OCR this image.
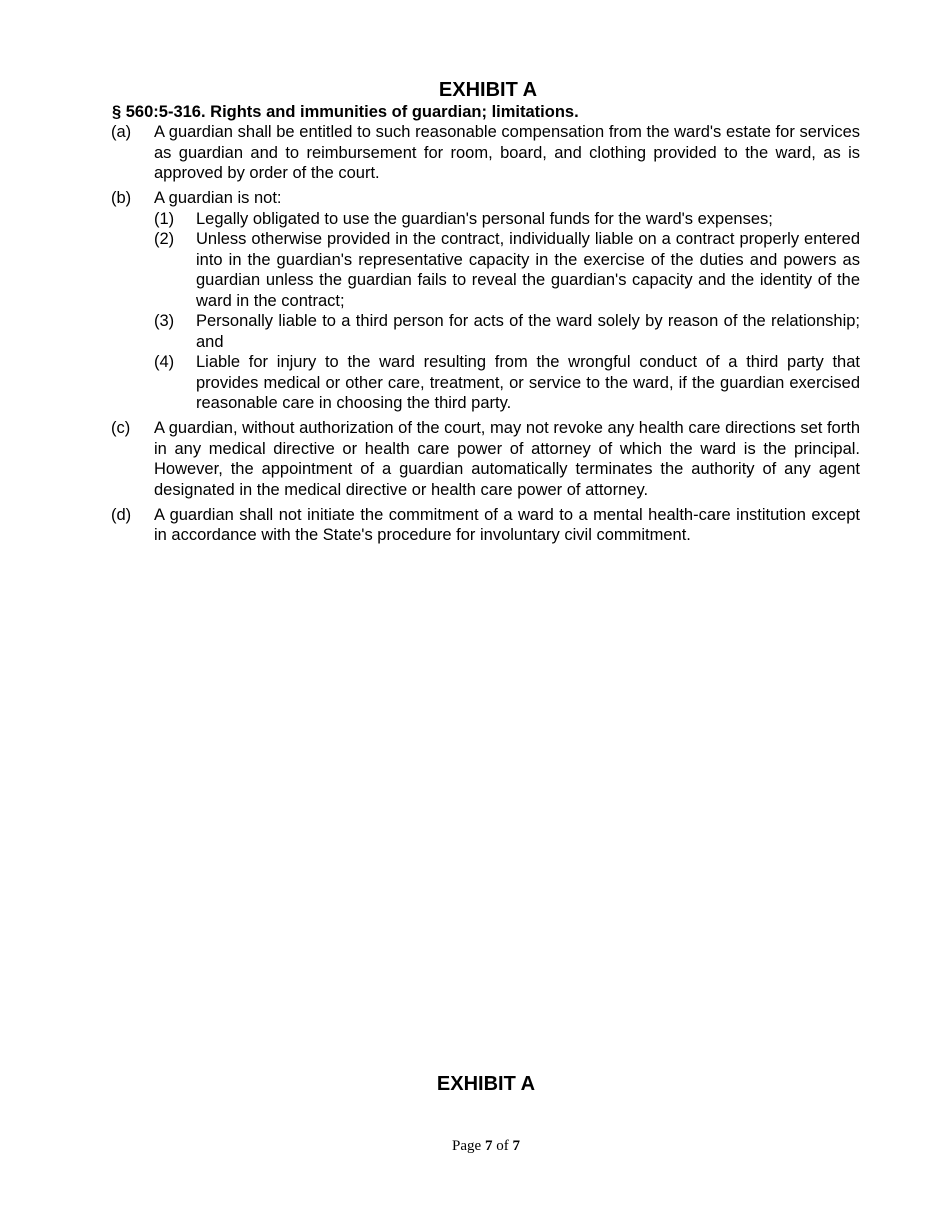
EXHIBIT A
§ 560:5-316. Rights and immunities of guardian; limitations.
(a) A guardian shall be entitled to such reasonable compensation from the ward's estate for services as guardian and to reimbursement for room, board, and clothing provided to the ward, as is approved by order of the court.
(b) A guardian is not:
(1) Legally obligated to use the guardian's personal funds for the ward's expenses;
(2) Unless otherwise provided in the contract, individually liable on a contract properly entered into in the guardian's representative capacity in the exercise of the duties and powers as guardian unless the guardian fails to reveal the guardian's capacity and the identity of the ward in the contract;
(3) Personally liable to a third person for acts of the ward solely by reason of the relationship; and
(4) Liable for injury to the ward resulting from the wrongful conduct of a third party that provides medical or other care, treatment, or service to the ward, if the guardian exercised reasonable care in choosing the third party.
(c) A guardian, without authorization of the court, may not revoke any health care directions set forth in any medical directive or health care power of attorney of which the ward is the principal. However, the appointment of a guardian automatically terminates the authority of any agent designated in the medical directive or health care power of attorney.
(d) A guardian shall not initiate the commitment of a ward to a mental health-care institution except in accordance with the State's procedure for involuntary civil commitment.
EXHIBIT A
Page 7 of 7
